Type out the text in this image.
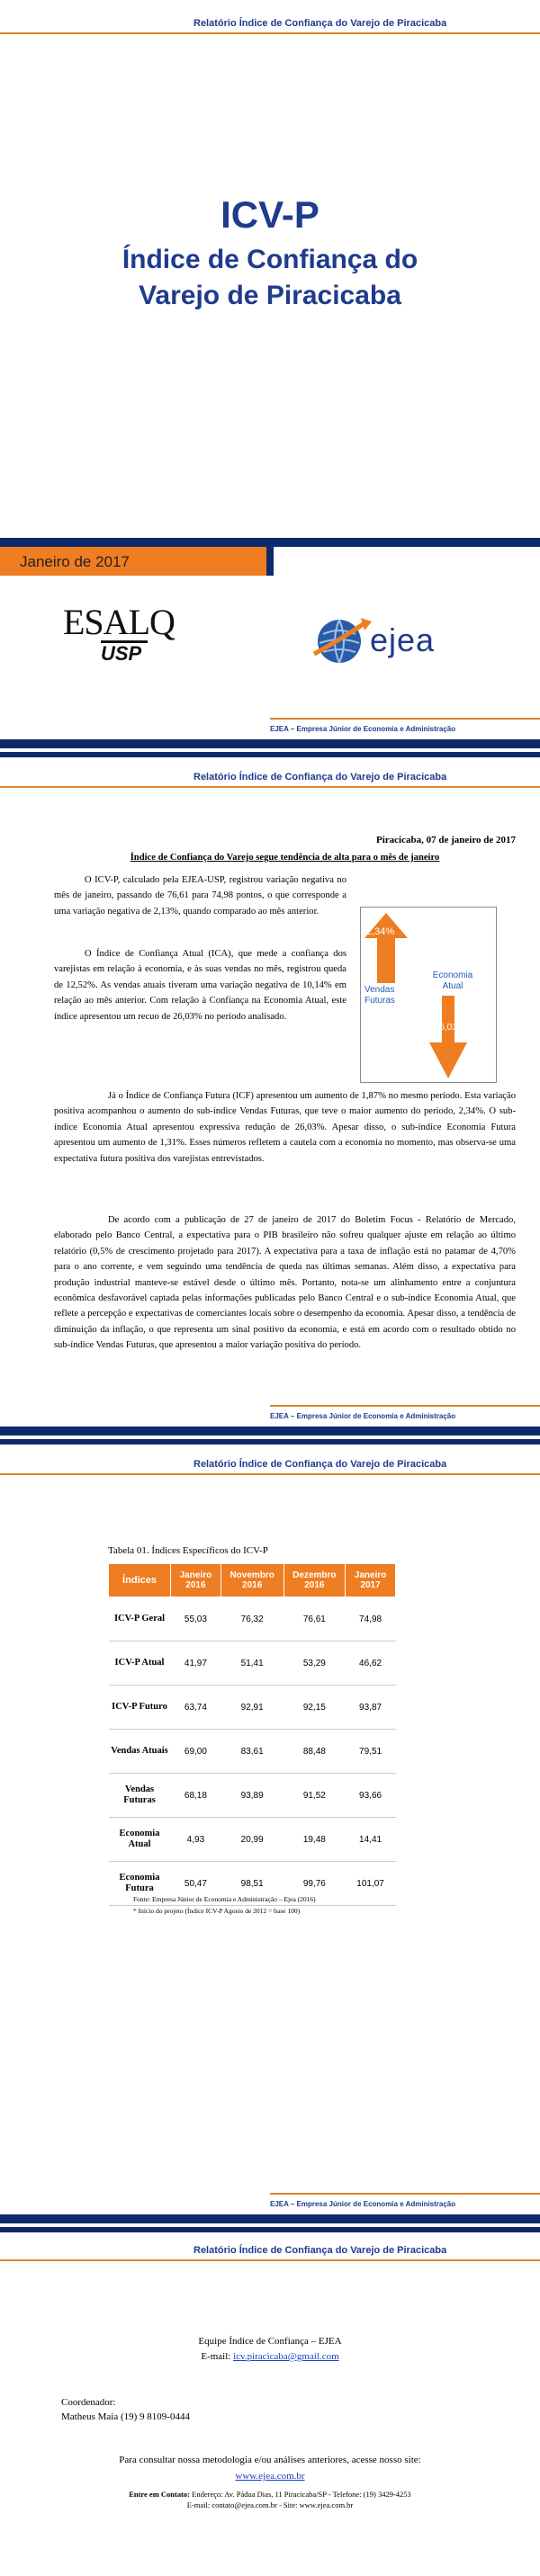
Relatório Índice de Confiança do Varejo de Piracicaba
ICV-P
Índice de Confiança do
Varejo de Piracicaba
Janeiro de 2017
ESALQ
USP	ejea
EJEA – Empresa Júnior de Economia e Administração
Relatório Índice de Confiança do Varejo de Piracicaba
Piracicaba, 07 de janeiro de 2017
Índice de Confiança do Varejo segue tendência de alta para o mês de janeiro

O ICV-P, calculado pela EJEA-USP, registrou variação negativa no mês de janeiro, passando de 76,61 para 74,98 pontos, o que corresponde a uma variação negativa de 2,13%, quando comparado ao mês anterior.

O Índice de Confiança Atual (ICA), que mede a confiança dos varejistas em relação à economia, e às suas vendas no mês, registrou queda de 12,52%. As vendas atuais tiveram uma variação negativa de 10,14% em relação ao mês anterior. Com relação à Confiança na Economia Atual, este índice apresentou um recuo de 26,03% no período analisado.

2,34%
Vendas Futuras
Economia Atual
-26,03%

Já o Índice de Confiança Futura (ICF) apresentou um aumento de 1,87% no mesmo período. Esta variação positiva acompanhou o aumento do sub-índice Vendas Futuras, que teve o maior aumento do período, 2,34%. O sub-índice Economia Atual apresentou expressiva redução de 26,03%. Apesar disso, o sub-índice Economia Futura apresentou um aumento de 1,31%. Esses números refletem a cautela com a economia no momento, mas observa-se uma expectativa futura positiva dos varejistas entrevistados.

De acordo com a publicação de 27 de janeiro de 2017 do Boletim Focus - Relatório de Mercado, elaborado pelo Banco Central, a expectativa para o PIB brasileiro não sofreu qualquer ajuste em relação ao último relatório (0,5% de crescimento projetado para 2017). A expectativa para a taxa de inflação está no patamar de 4,70% para o ano corrente, e vem seguindo uma tendência de queda nas últimas semanas. Além disso, a expectativa para produção industrial manteve-se estável desde o último mês. Portanto, nota-se um alinhamento entre a conjuntura econômica desfavorável captada pelas informações publicadas pelo Banco Central e o sub-índice Economia Atual, que reflete a percepção e expectativas de comerciantes locais sobre o desempenho da economia. Apesar disso, a tendência de diminuição da inflação, o que representa um sinal positivo da economia, e está em acordo com o resultado obtido no sub-índice Vendas Futuras, que apresentou a maior variação positiva do período.

EJEA – Empresa Júnior de Economia e Administração
Relatório Índice de Confiança do Varejo de Piracicaba
Tabela 01. Índices Específicos do ICV-P
Índices	Janeiro 2016	Novembro 2016	Dezembro 2016	Janeiro 2017
ICV-P Geral	55,03	76,32	76,61	74,98
ICV-P Atual	41,97	51,41	53,29	46,62
ICV-P Futuro	63,74	92,91	92,15	93,87
Vendas Atuais	69,00	83,61	88,48	79,51
Vendas Futuras	68,18	93,89	91,52	93,66
Economia Atual	4,93	20,99	19,48	14,41
Economia Futura	50,47	98,51	99,76	101,07
Fonte: Empresa Júnior de Economia e Administração – Ejea (2016)
* Início do projeto (Índice ICV-P Agosto de 2012 = base 100)
EJEA – Empresa Júnior de Economia e Administração
Relatório Índice de Confiança do Varejo de Piracicaba
Equipe Índice de Confiança – EJEA
E-mail: icv.piracicaba@gmail.com
Coordenador:
Matheus Maia (19) 9 8109-0444
Para consultar nossa metodologia e/ou análises anteriores, acesse nosso site:
www.ejea.com.br
Entre em Contato: Endereço: Av. Pádua Dias, 11 Piracicaba/SP - Telefone: (19) 3429-4253
E-mail: contato@ejea.com.br - Site: www.ejea.com.br
